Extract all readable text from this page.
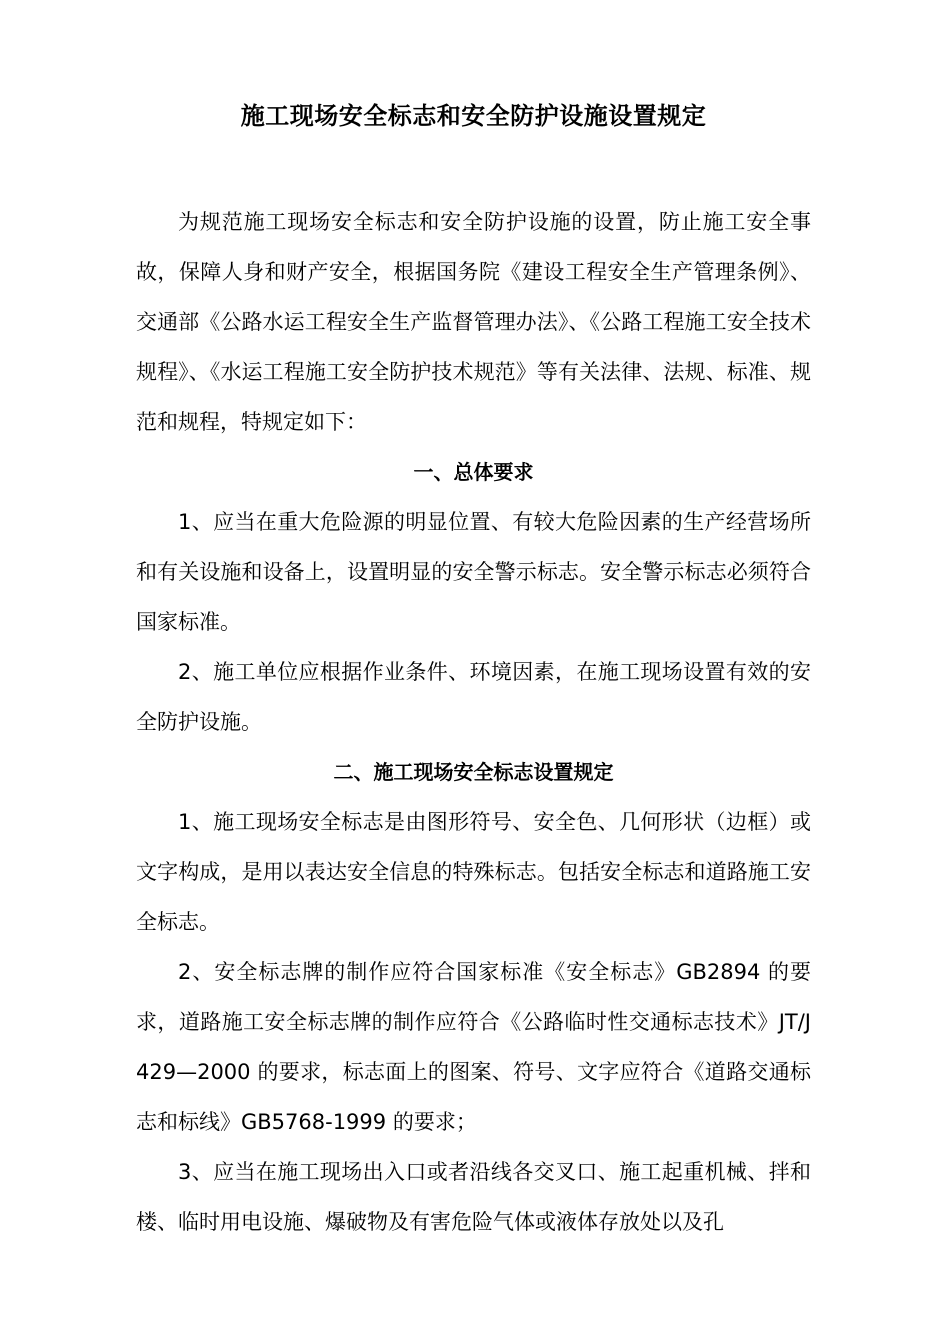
施工现场安全标志和安全防护设施设置规定

为规范施工现场安全标志和安全防护设施的设置，防止施工安全事故，保障人身和财产安全，根据国务院《建设工程安全生产管理条例》、交通部《公路水运工程安全生产监督管理办法》、《公路工程施工安全技术规程》、《水运工程施工安全防护技术规范》等有关法律、法规、标准、规范和规程，特规定如下：

一、总体要求

1、应当在重大危险源的明显位置、有较大危险因素的生产经营场所和有关设施和设备上，设置明显的安全警示标志。安全警示标志必须符合国家标准。

2、施工单位应根据作业条件、环境因素，在施工现场设置有效的安全防护设施。

二、施工现场安全标志设置规定

1、施工现场安全标志是由图形符号、安全色、几何形状（边框）或文字构成，是用以表达安全信息的特殊标志。包括安全标志和道路施工安全标志。

2、安全标志牌的制作应符合国家标准《安全标志》GB2894 的要求，道路施工安全标志牌的制作应符合《公路临时性交通标志技术》JT/J429—2000 的要求，标志面上的图案、符号、文字应符合《道路交通标志和标线》GB5768-1999 的要求；

3、应当在施工现场出入口或者沿线各交叉口、施工起重机械、拌和楼、临时用电设施、爆破物及有害危险气体或液体存放处以及孔
